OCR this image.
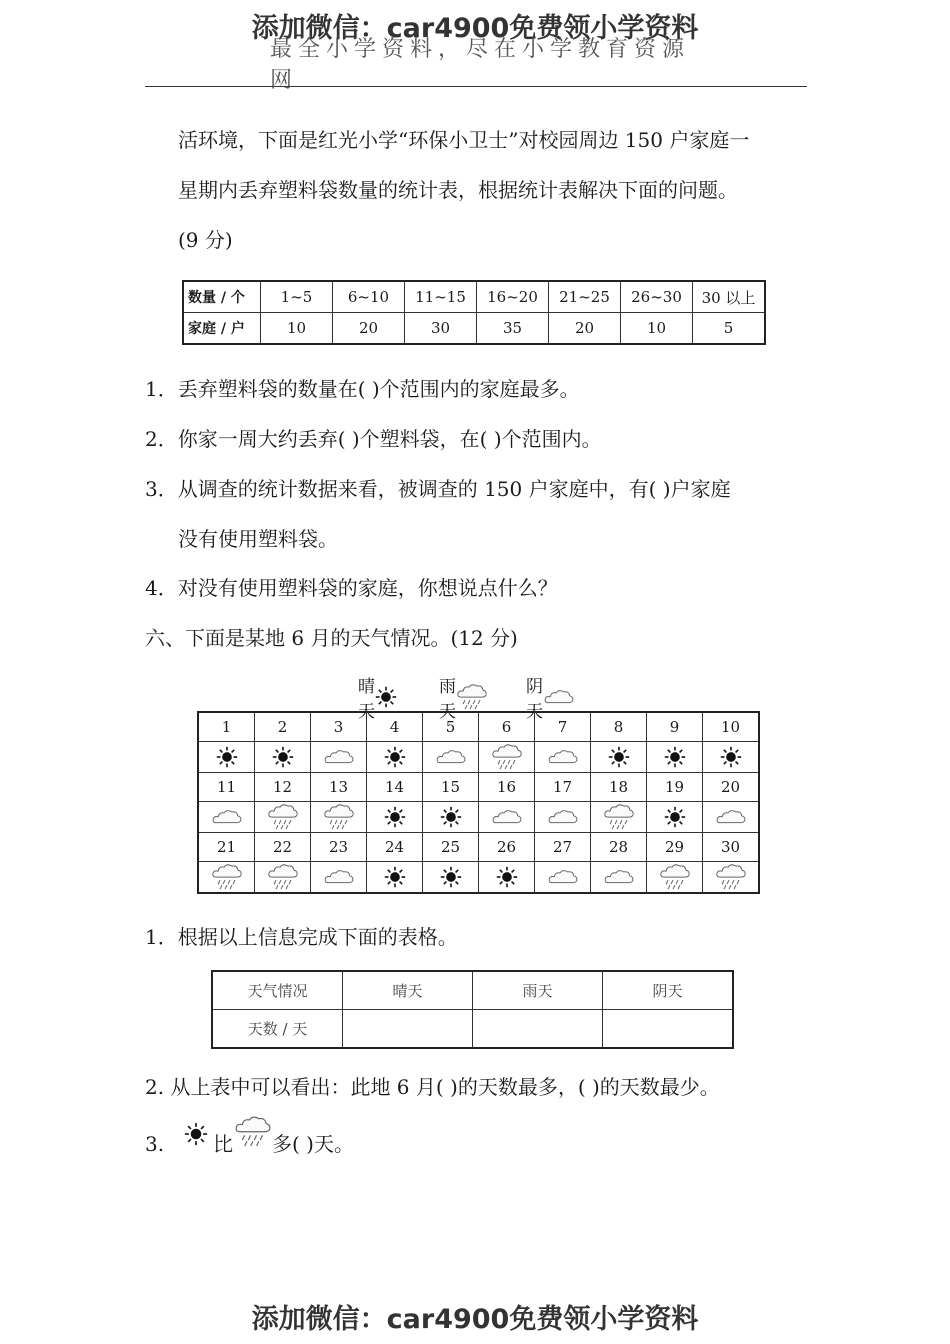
添加微信：car4900免费领小学资料
最全小学资料，尽在小学教育资源网
活环境，下面是红光小学“环保小卫士”对校园周边 150 户家庭一
星期内丢弃塑料袋数量的统计表，根据统计表解决下面的问题。
(9 分)
数量 / 个	1~5	6~10	11~15	16~20	21~25	26~30	30 以上
家庭 / 户	10	20	30	35	20	10	5
1．丢弃塑料袋的数量在( )个范围内的家庭最多。
2．你家一周大约丢弃( )个塑料袋，在( )个范围内。
3．从调查的统计数据来看，被调查的 150 户家庭中，有( )户家庭
没有使用塑料袋。
4．对没有使用塑料袋的家庭，你想说点什么？
六、下面是某地 6 月的天气情况。(12 分)
晴天
雨天
阴天
1	2	3	4	5	6	7	8	9	10

11	12	13	14	15	16	17	18	19	20

21	22	23	24	25	26	27	28	29	30

1．根据以上信息完成下面的表格。
天气情况	晴天	雨天	阴天
天数 / 天			
2. 从上表中可以看出：此地 6 月( )的天数最多，( )的天数最少。
3. 比 多( )天。
添加微信：car4900免费领小学资料
